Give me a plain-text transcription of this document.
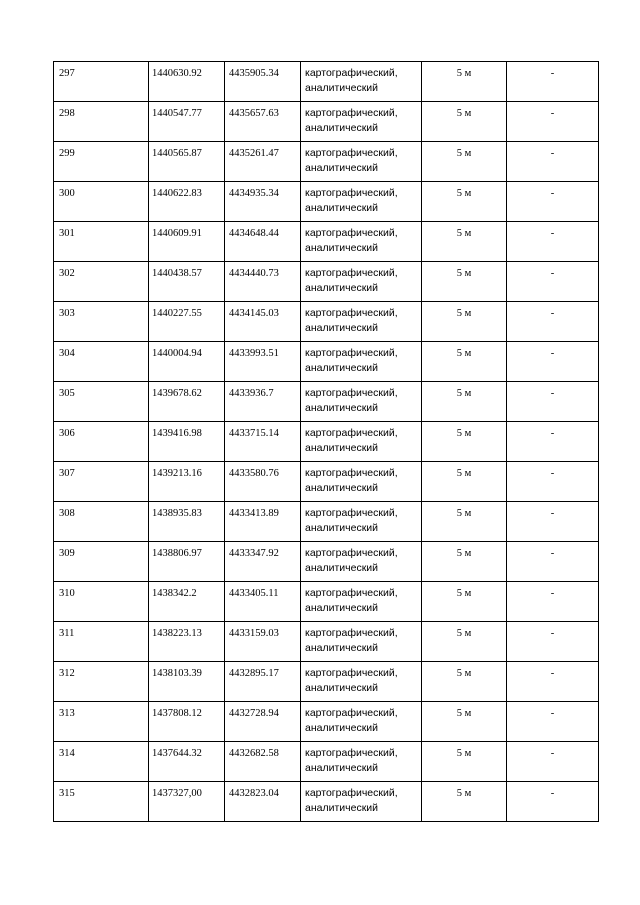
297	1440630.92	4435905.34	картографический,
аналитический	5 м	-
298	1440547.77	4435657.63	картографический,
аналитический	5 м	-
299	1440565.87	4435261.47	картографический,
аналитический	5 м	-
300	1440622.83	4434935.34	картографический,
аналитический	5 м	-
301	1440609.91	4434648.44	картографический,
аналитический	5 м	-
302	1440438.57	4434440.73	картографический,
аналитический	5 м	-
303	1440227.55	4434145.03	картографический,
аналитический	5 м	-
304	1440004.94	4433993.51	картографический,
аналитический	5 м	-
305	1439678.62	4433936.7	картографический,
аналитический	5 м	-
306	1439416.98	4433715.14	картографический,
аналитический	5 м	-
307	1439213.16	4433580.76	картографический,
аналитический	5 м	-
308	1438935.83	4433413.89	картографический,
аналитический	5 м	-
309	1438806.97	4433347.92	картографический,
аналитический	5 м	-
310	1438342.2	4433405.11	картографический,
аналитический	5 м	-
311	1438223.13	4433159.03	картографический,
аналитический	5 м	-
312	1438103.39	4432895.17	картографический,
аналитический	5 м	-
313	1437808.12	4432728.94	картографический,
аналитический	5 м	-
314	1437644.32	4432682.58	картографический,
аналитический	5 м	-
315	1437327,00	4432823.04	картографический,
аналитический	5 м	-
